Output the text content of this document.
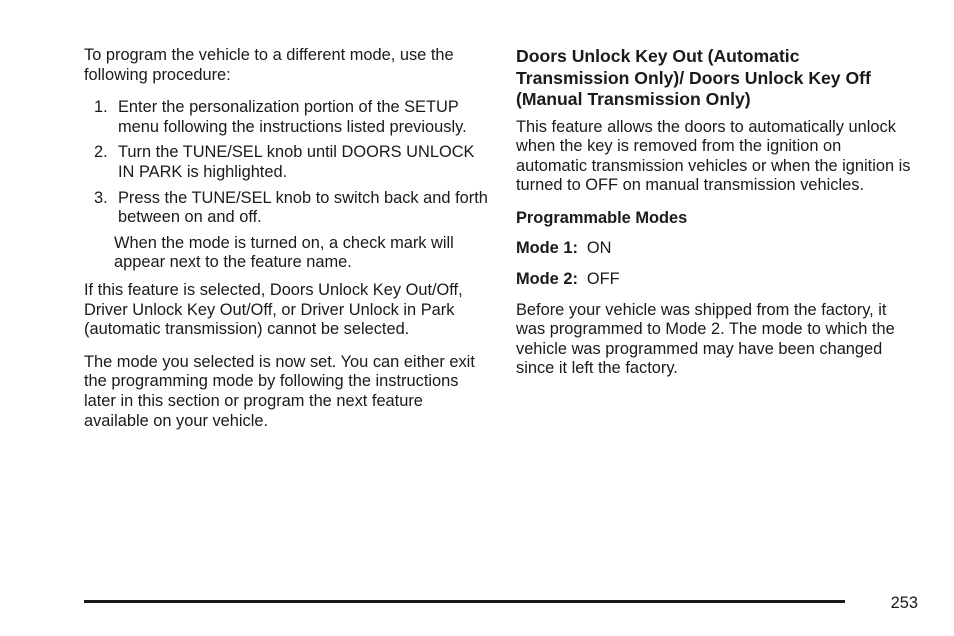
To program the vehicle to a different mode, use the following procedure:

1. Enter the personalization portion of the SETUP menu following the instructions listed previously.
2. Turn the TUNE/SEL knob until DOORS UNLOCK IN PARK is highlighted.
3. Press the TUNE/SEL knob to switch back and forth between on and off.

When the mode is turned on, a check mark will appear next to the feature name.

If this feature is selected, Doors Unlock Key Out/Off, Driver Unlock Key Out/Off, or Driver Unlock in Park (automatic transmission) cannot be selected.

The mode you selected is now set. You can either exit the programming mode by following the instructions later in this section or program the next feature available on your vehicle.

Doors Unlock Key Out (Automatic Transmission Only)/ Doors Unlock Key Off (Manual Transmission Only)

This feature allows the doors to automatically unlock when the key is removed from the ignition on automatic transmission vehicles or when the ignition is turned to OFF on manual transmission vehicles.

Programmable Modes

Mode 1: ON

Mode 2: OFF

Before your vehicle was shipped from the factory, it was programmed to Mode 2. The mode to which the vehicle was programmed may have been changed since it left the factory.

253
